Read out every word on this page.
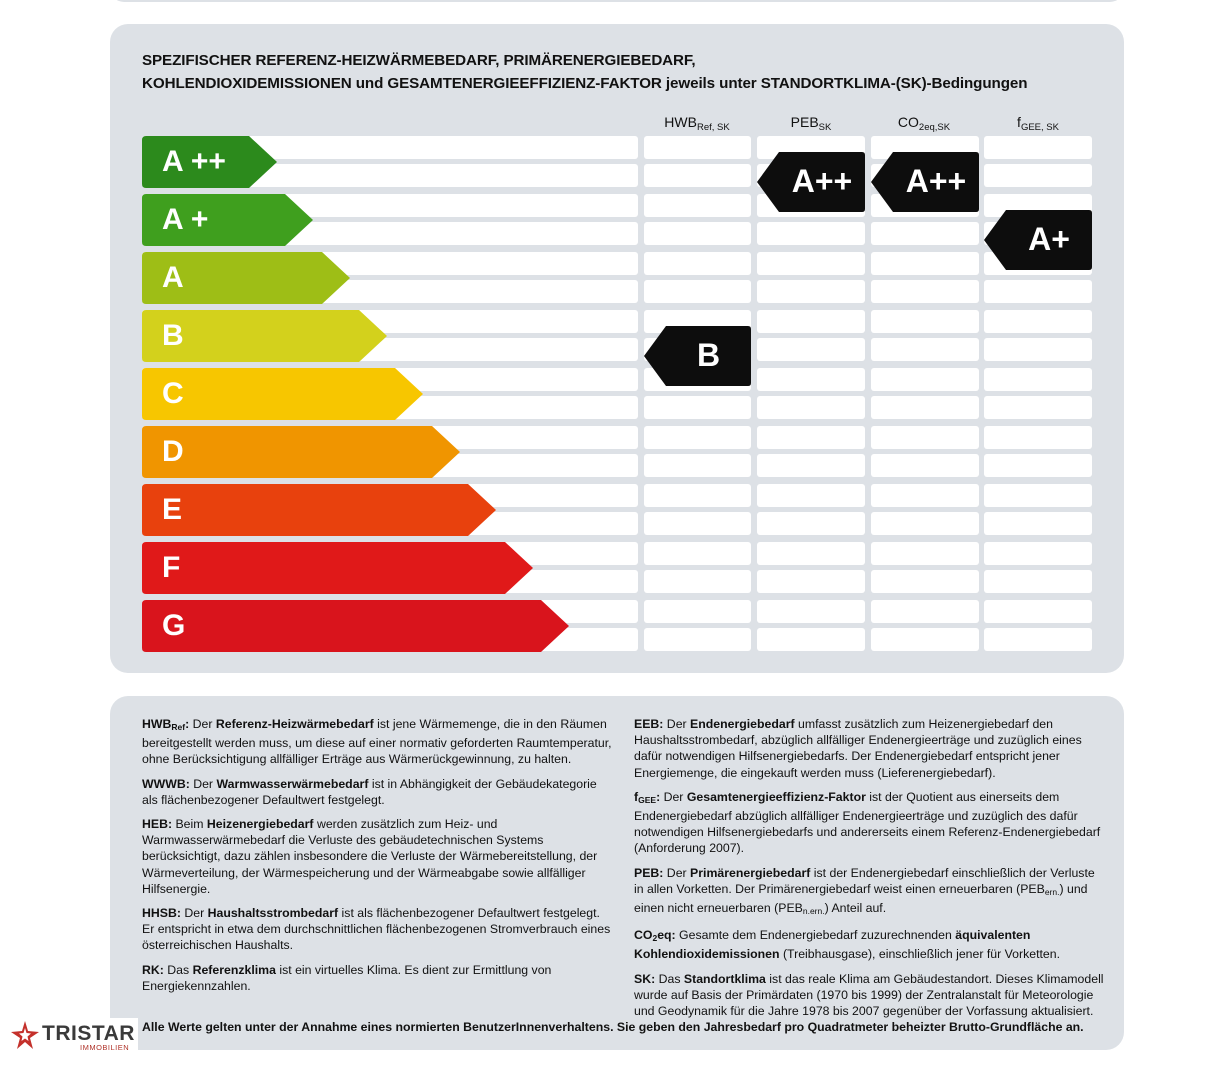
SPEZIFISCHER REFERENZ-HEIZWÄRMEBEDARF, PRIMÄRENERGIEBEDARF,
KOHLENDIOXIDEMISSIONEN und GESAMTENERGIEEFFIZIENZ-FAKTOR jeweils unter STANDORTKLIMA-(SK)-Bedingungen
$HWB_{Ref, SK}$	$PEB_{SK}$	$CO_{2eq,SK}$	$f_{GEE, SK}$
A ++
A +
A
B
C
D
E
F
G
B
A++ A++
A+

$HWB_{Ref}$: Der Referenz-Heizwärmebedarf ist jene Wärmemenge, die in den Räumen bereitgestellt werden muss, um diese auf einer normativ geforderten Raumtemperatur, ohne Berücksichtigung allfälliger Erträge aus Wärmerückgewinnung, zu halten.

WWWB: Der Warmwasserwärmebedarf ist in Abhängigkeit der Gebäudekategorie als flächenbezogener Defaultwert festgelegt.

HEB: Beim Heizenergiebedarf werden zusätzlich zum Heiz- und Warmwasserwärmebedarf die Verluste des gebäudetechnischen Systems berücksichtigt, dazu zählen insbesondere die Verluste der Wärmebereitstellung, der Wärmeverteilung, der Wärmespeicherung und der Wärmeabgabe sowie allfälliger Hilfsenergie.

HHSB: Der Haushaltsstrombedarf ist als flächenbezogener Defaultwert festgelegt. Er entspricht in etwa dem durchschnittlichen flächenbezogenen Stromverbrauch eines österreichischen Haushalts.

RK: Das Referenzklima ist ein virtuelles Klima. Es dient zur Ermittlung von Energiekennzahlen.

EEB: Der Endenergiebedarf umfasst zusätzlich zum Heizenergiebedarf den Haushaltsstrombedarf, abzüglich allfälliger Endenergieerträge und zuzüglich eines dafür notwendigen Hilfsenergiebedarfs. Der Endenergiebedarf entspricht jener Energiemenge, die eingekauft werden muss (Lieferenergiebedarf).

$f_{GEE}$: Der Gesamtenergieeffizienz-Faktor ist der Quotient aus einerseits dem Endenergiebedarf abzüglich allfälliger Endenergieerträge und zuzüglich des dafür notwendigen Hilfsenergiebedarfs und andererseits einem Referenz-Endenergiebedarf (Anforderung 2007).

PEB: Der Primärenergiebedarf ist der Endenergiebedarf einschließlich der Verluste in allen Vorketten. Der Primärenergiebedarf weist einen erneuerbaren $(PEB_{ern.})$ und einen nicht erneuerbaren $(PEB_{n.ern.})$ Anteil auf.

$CO_2eq$: Gesamte dem Endenergiebedarf zuzurechnenden äquivalenten Kohlendioxidemissionen (Treibhausgase), einschließlich jener für Vorketten.

SK: Das Standortklima ist das reale Klima am Gebäudestandort. Dieses Klimamodell wurde auf Basis der Primärdaten (1970 bis 1999) der Zentralanstalt für Meteorologie und Geodynamik für die Jahre 1978 bis 2007 gegenüber der Vorfassung aktualisiert.

Alle Werte gelten unter der Annahme eines normierten BenutzerInnenverhaltens. Sie geben den Jahresbedarf pro Quadratmeter beheizter Brutto-Grundfläche an.
TRISTAR
IMMOBILIEN
